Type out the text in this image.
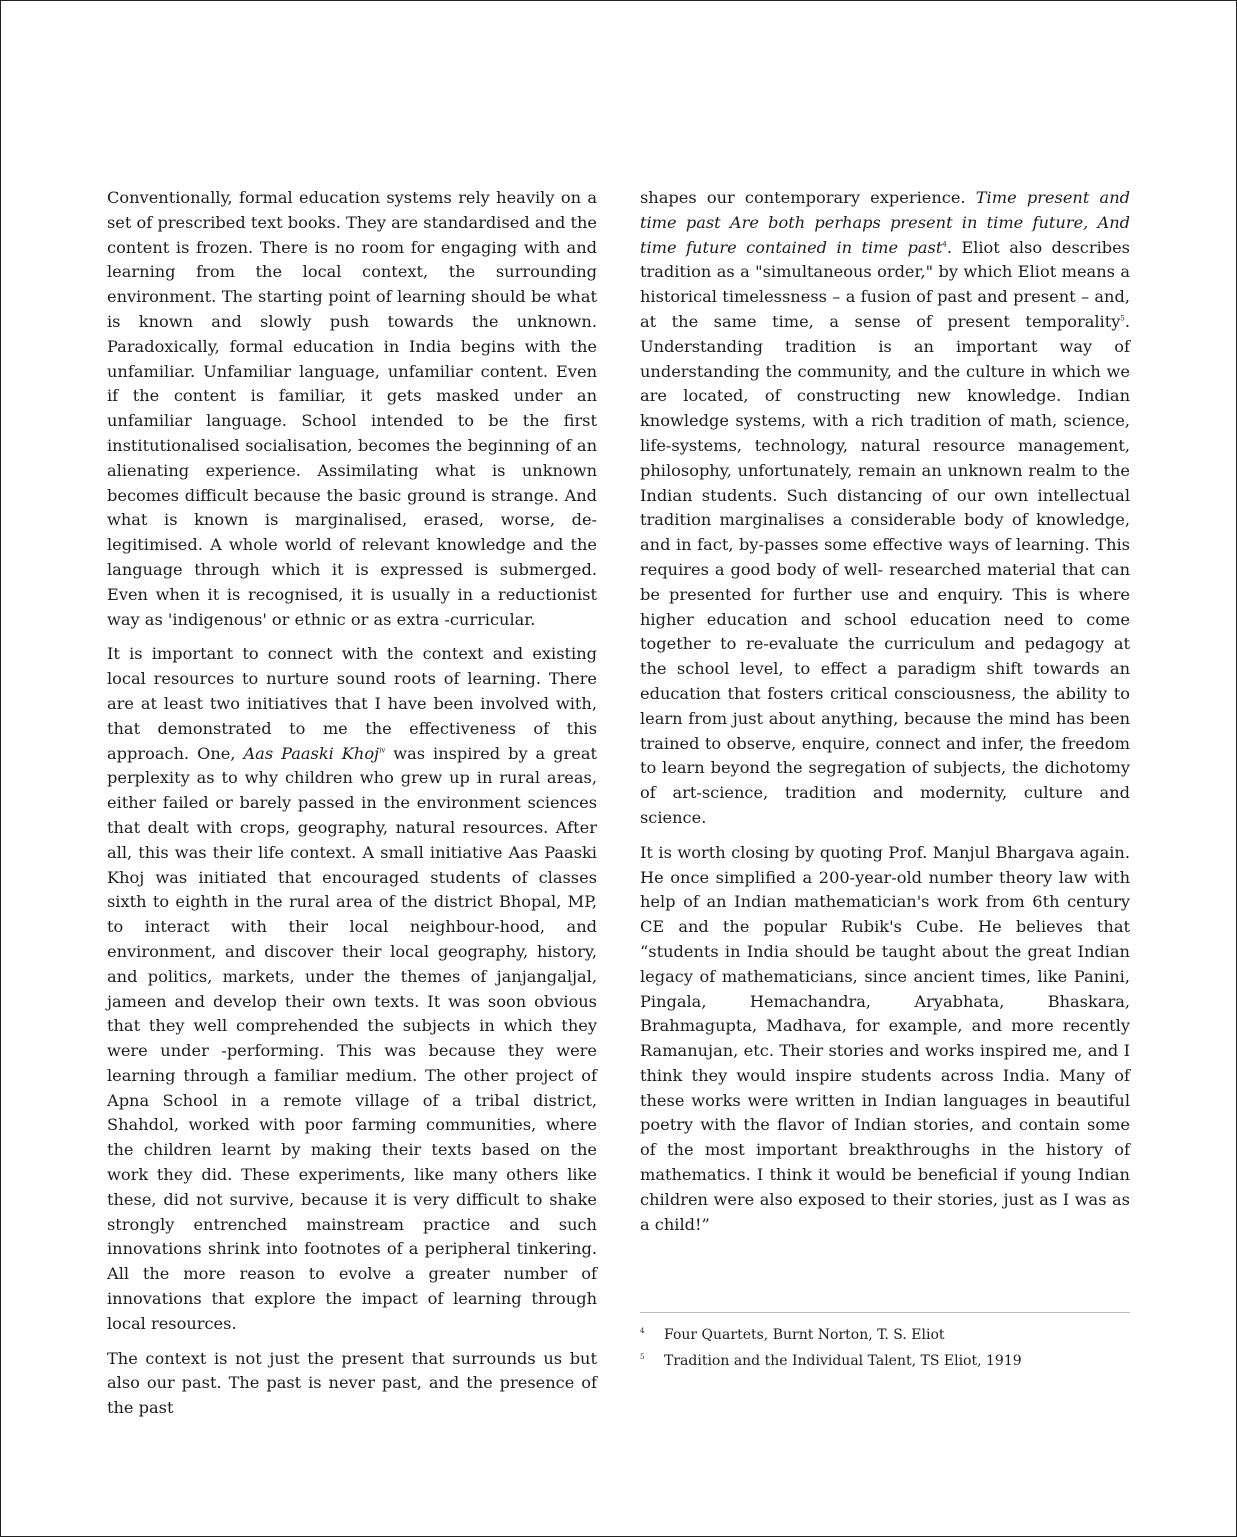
Conventionally, formal education systems rely heavily on a set of prescribed text books. They are standardised and the content is frozen. There is no room for engaging with and learning from the local context, the surrounding environment. The starting point of learning should be what is known and slowly push towards the unknown. Paradoxically, formal education in India begins with the unfamiliar. Unfamiliar language, unfamiliar content. Even if the content is familiar, it gets masked under an unfamiliar language. School intended to be the first institutionalised socialisation, becomes the beginning of an alienating experience. Assimilating what is unknown becomes difficult because the basic ground is strange. And what is known is marginalised, erased, worse, de-legitimised. A whole world of relevant knowledge and the language through which it is expressed is submerged. Even when it is recognised, it is usually in a reductionist way as 'indigenous' or ethnic or as extra -curricular.

It is important to connect with the context and existing local resources to nurture sound roots of learning. There are at least two initiatives that I have been involved with, that demonstrated to me the effectiveness of this approach. One, Aas Paaski Khoj$^{iv}$ was inspired by a great perplexity as to why children who grew up in rural areas, either failed or barely passed in the environment sciences that dealt with crops, geography, natural resources. After all, this was their life context. A small initiative Aas Paaski Khoj was initiated that encouraged students of classes sixth to eighth in the rural area of the district Bhopal, MP, to interact with their local neighbour-hood, and environment, and discover their local geography, history, and politics, markets, under the themes of janjangaljal, jameen and develop their own texts. It was soon obvious that they well comprehended the subjects in which they were under -performing. This was because they were learning through a familiar medium. The other project of Apna School in a remote village of a tribal district, Shahdol, worked with poor farming communities, where the children learnt by making their texts based on the work they did. These experiments, like many others like these, did not survive, because it is very difficult to shake strongly entrenched mainstream practice and such innovations shrink into footnotes of a peripheral tinkering. All the more reason to evolve a greater number of innovations that explore the impact of learning through local resources.

The context is not just the present that surrounds us but also our past. The past is never past, and the presence of the past

shapes our contemporary experience. Time present and time past Are both perhaps present in time future, And time future contained in time past$^4$. Eliot also describes tradition as a "simultaneous order," by which Eliot means a historical timelessness – a fusion of past and present – and, at the same time, a sense of present temporality$^5$. Understanding tradition is an important way of understanding the community, and the culture in which we are located, of constructing new knowledge. Indian knowledge systems, with a rich tradition of math, science, life-systems, technology, natural resource management, philosophy, unfortunately, remain an unknown realm to the Indian students. Such distancing of our own intellectual tradition marginalises a considerable body of knowledge, and in fact, by-passes some effective ways of learning. This requires a good body of well- researched material that can be presented for further use and enquiry. This is where higher education and school education need to come together to re-evaluate the curriculum and pedagogy at the school level, to effect a paradigm shift towards an education that fosters critical consciousness, the ability to learn from just about anything, because the mind has been trained to observe, enquire, connect and infer, the freedom to learn beyond the segregation of subjects, the dichotomy of art-science, tradition and modernity, culture and science.

It is worth closing by quoting Prof. Manjul Bhargava again. He once simplified a 200-year-old number theory law with help of an Indian mathematician's work from 6th century CE and the popular Rubik's Cube. He believes that “students in India should be taught about the great Indian legacy of mathematicians, since ancient times, like Panini, Pingala, Hemachandra, Aryabhata, Bhaskara, Brahmagupta, Madhava, for example, and more recently Ramanujan, etc. Their stories and works inspired me, and I think they would inspire students across India. Many of these works were written in Indian languages in beautiful poetry with the flavor of Indian stories, and contain some of the most important breakthroughs in the history of mathematics. I think it would be beneficial if young Indian children were also exposed to their stories, just as I was as a child!”

4	Four Quartets, Burnt Norton, T. S. Eliot
5	Tradition and the Individual Talent, TS Eliot, 1919
